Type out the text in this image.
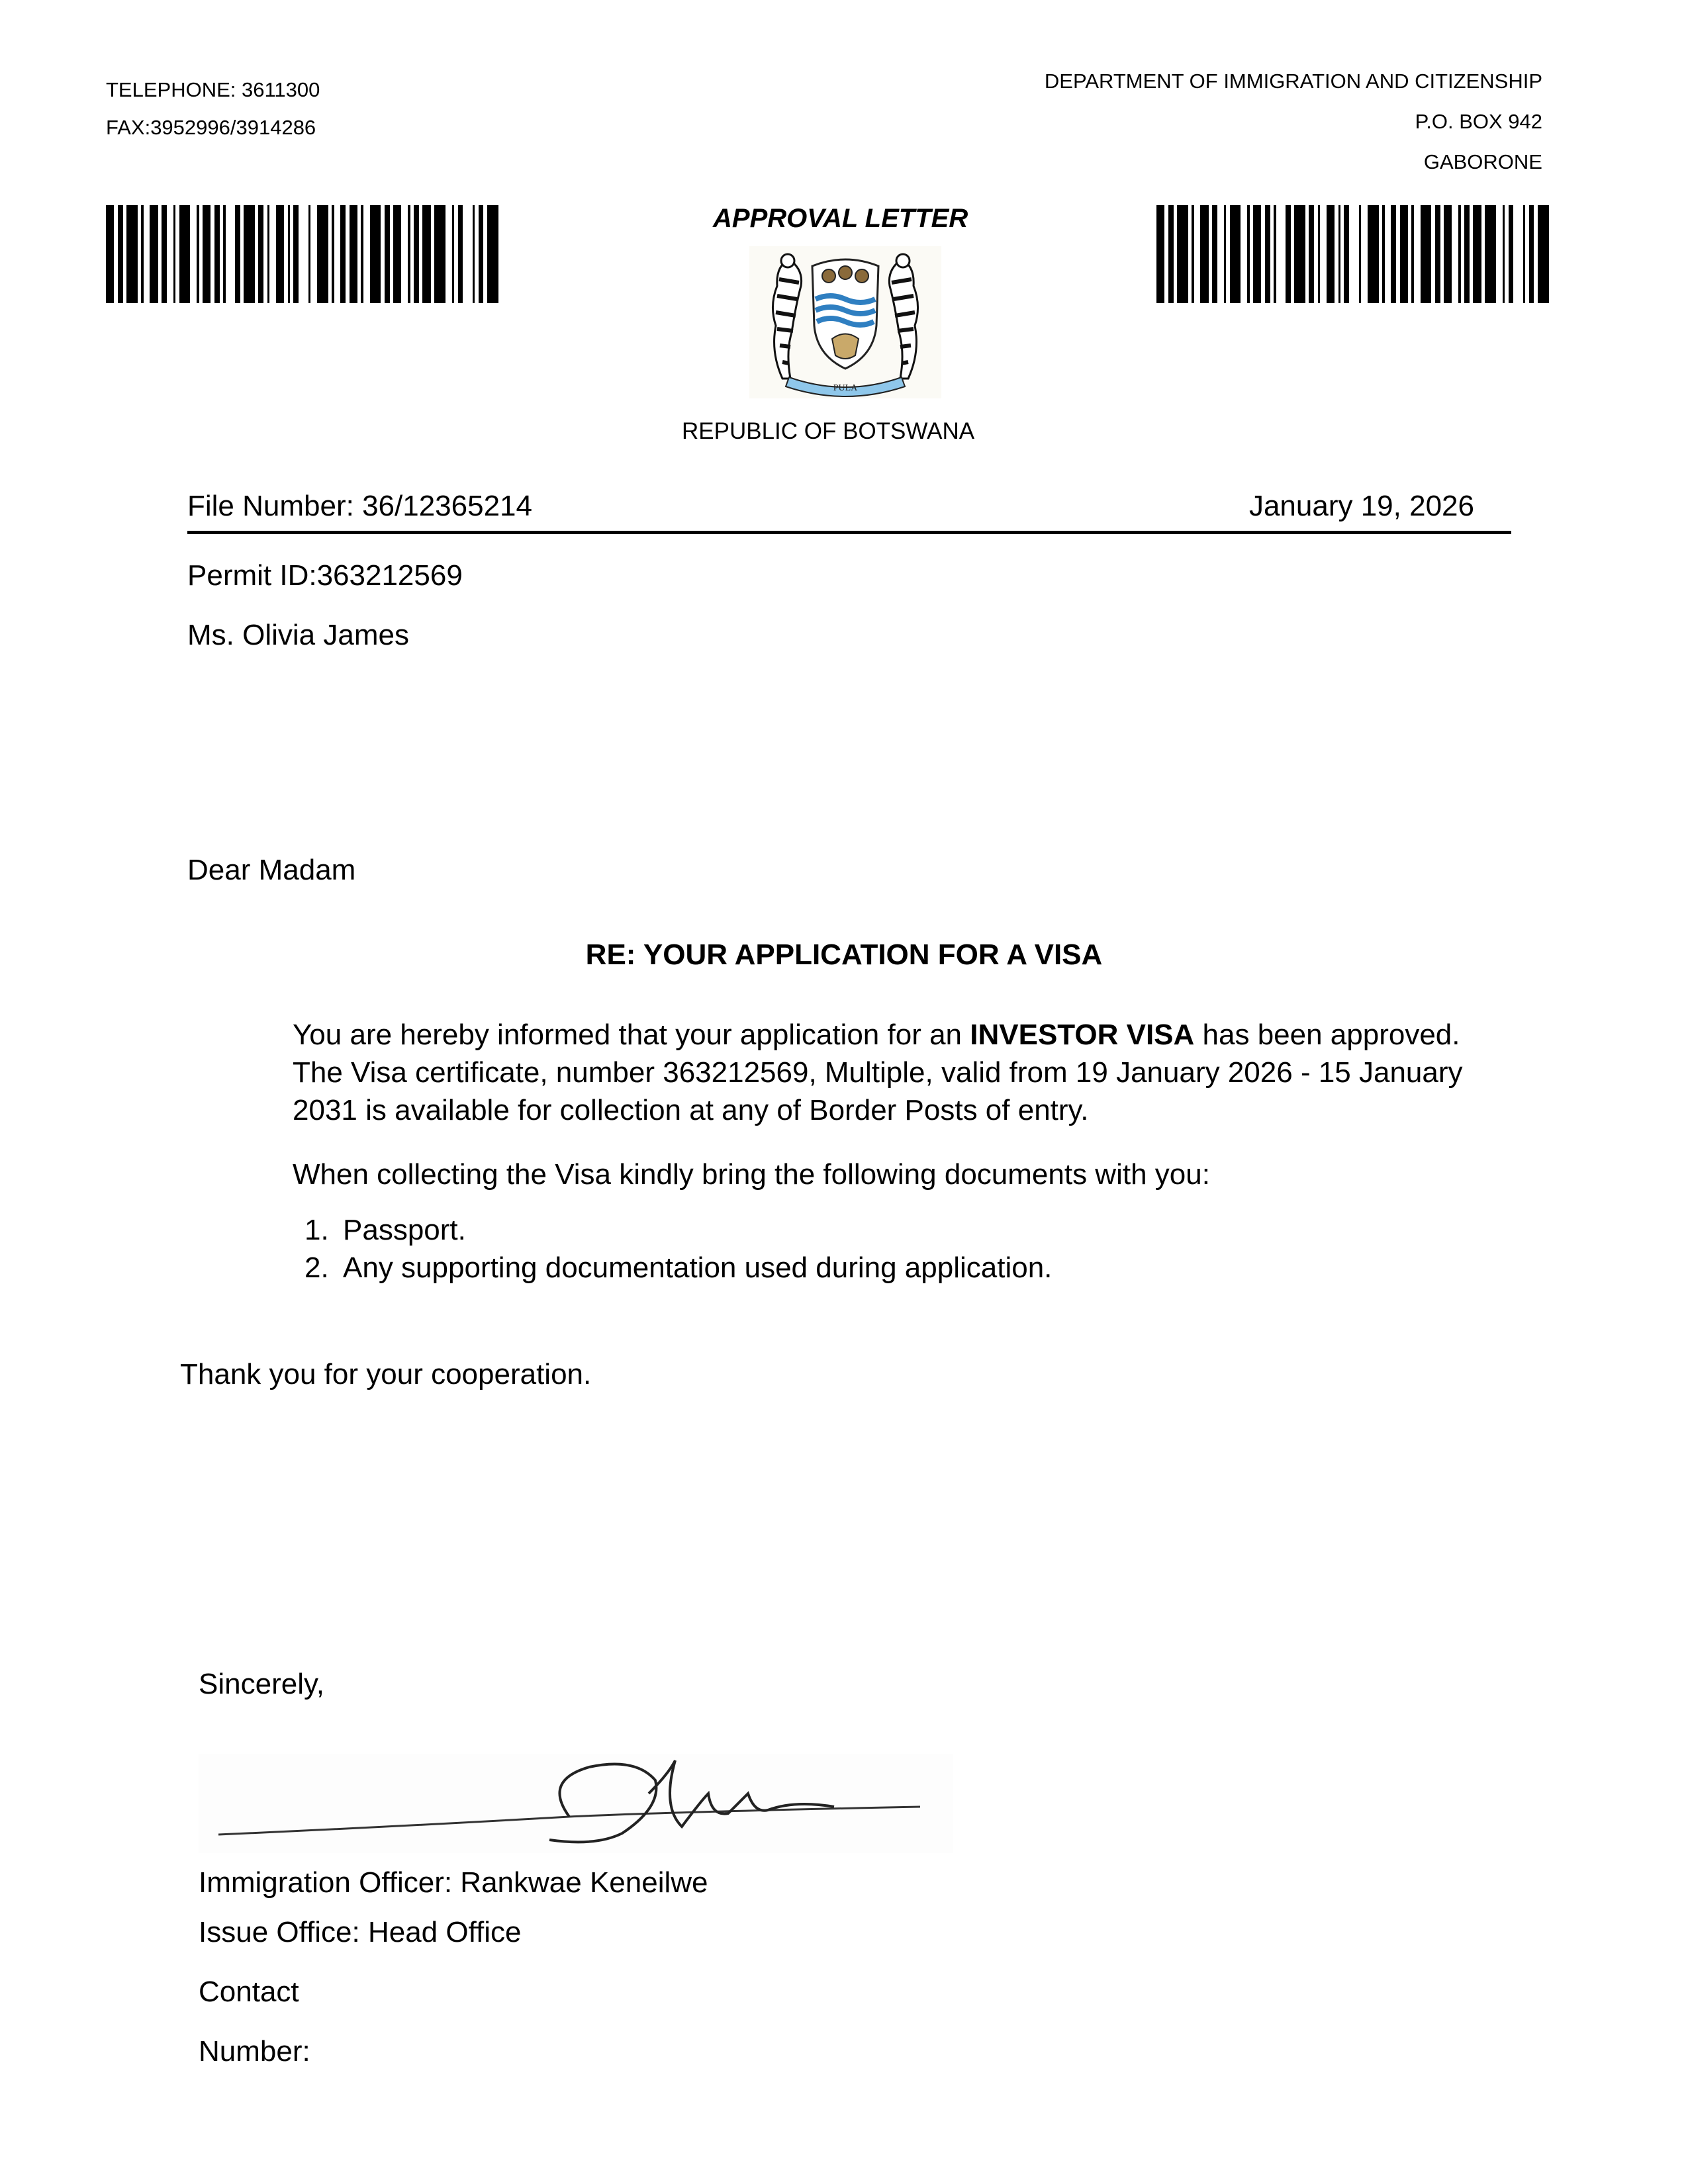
TELEPHONE: 3611300
FAX:3952996/3914286
DEPARTMENT OF IMMIGRATION AND CITIZENSHIP
P.O. BOX 942
GABORONE
APPROVAL LETTER
PULA
REPUBLIC OF BOTSWANA
File Number: 36/12365214	January 19, 2026
Permit ID:363212569
Ms. Olivia James
Dear Madam
RE: YOUR APPLICATION FOR A VISA
You are hereby informed that your application for an INVESTOR VISA has been approved. The Visa certificate, number 363212569, Multiple, valid from 19 January 2026 - 15 January 2031 is available for collection at any of Border Posts of entry.
When collecting the Visa kindly bring the following documents with you:
1. Passport.
2. Any supporting documentation used during application.
Thank you for your cooperation.
Sincerely,
Immigration Officer: Rankwae Keneilwe
Issue Office: Head Office
Contact
Number:
